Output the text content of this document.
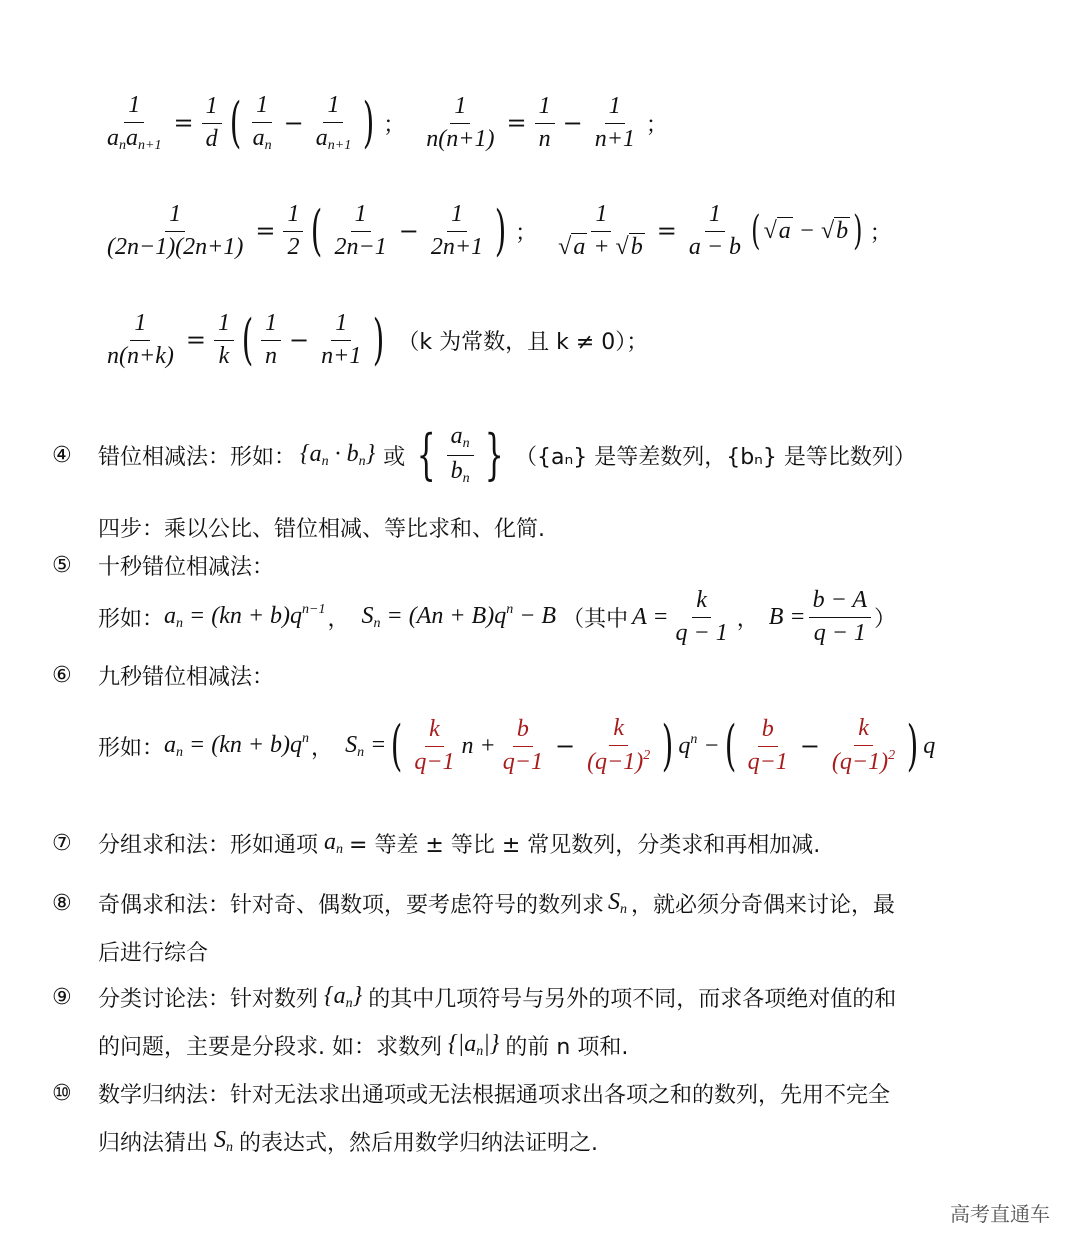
$\frac{1}{a_na_{n+1}} = \frac{1}{d}$ ( $\frac{1}{a_n} - \frac{1}{a_{n+1}}$ ) ； $\frac{1}{n(n+1)} = \frac{1}{n} - \frac{1}{n+1}$ ；
$\frac{1}{(2n-1)(2n+1)} = \frac{1}{2}$ ( $\frac{1}{2n-1} - \frac{1}{2n+1}$ ) ； $\frac{1}{√a + √b} = \frac{1}{a - b}$ ( √a − √b ) ；
$\frac{1}{n(n+k)} = \frac{1}{k}$ ( $\frac{1}{n} - \frac{1}{n+1}$ ) （k 为常数，且 k ≠ 0）；
④	错位相减法：形如： $\{a_n \cdot b_n\}$ 或 { $\frac{a_n}{b_n}$ } （{aₙ} 是等差数列，{bₙ} 是等比数列）
四步：乘以公比、错位相减、等比求和、化简.
⑤	十秒错位相减法：
形如： $a_n = (kn + b)q^{n-1}$ ， $S_n = (An + B)q^n - B$ （其中 $A = \frac{k}{q - 1}$ ， $B = \frac{b - A}{q - 1}$ ）
⑥	九秒错位相减法：
形如： $a_n = (kn + b)q^n$ ， $S_n$ = ( $\frac{k}{q-1}$ $n + \frac{b}{q-1} - \frac{k}{(q-1)^2}$ ) $q^n$ − ( $\frac{b}{q-1} - \frac{k}{(q-1)^2}$ ) q
⑦	分组求和法：形如通项 $a_n$ = 等差 ± 等比 ± 常见数列，分类求和再相加减.
⑧	奇偶求和法：针对奇、偶数项，要考虑符号的数列求 $S_n$ ，就必须分奇偶来讨论，最
后进行综合
⑨	分类讨论法：针对数列 $\{a_n\}$ 的其中几项符号与另外的项不同，而求各项绝对值的和
的问题，主要是分段求. 如：求数列 $\{|a_n|\}$ 的前 n 项和.
⑩	数学归纳法：针对无法求出通项或无法根据通项求出各项之和的数列，先用不完全
归纳法猜出 $S_n$ 的表达式，然后用数学归纳法证明之.
高考直通车
